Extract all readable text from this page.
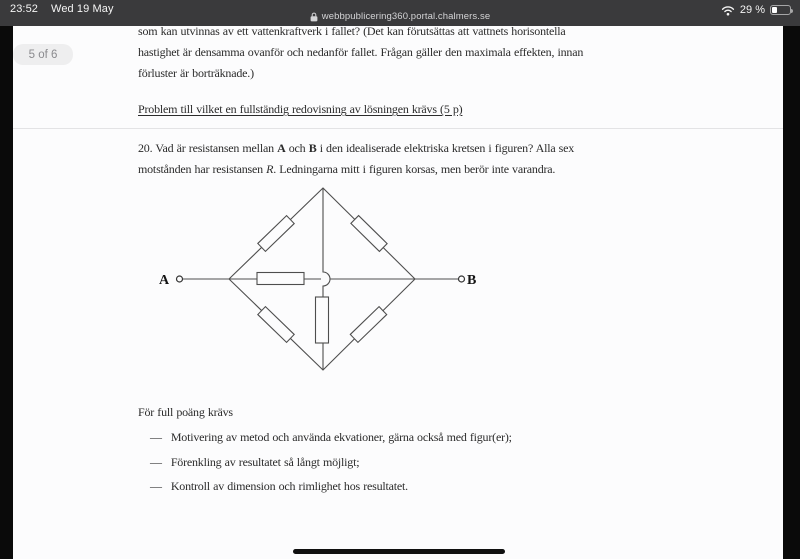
23:52 Wed 19 May
webbpublicering360.portal.chalmers.se
29 %
5 of 6
som kan utvinnas av ett vattenkraftverk i fallet? (Det kan förutsättas att vattnets horisontella
hastighet är densamma ovanför och nedanför fallet. Frågan gäller den maximala effekten, innan
förluster är borträknade.)
Problem till vilket en fullständig redovisning av lösningen krävs (5 p)
20. Vad är resistansen mellan A och B i den idealiserade elektriska kretsen i figuren? Alla sex
motstånden har resistansen R. Ledningarna mitt i figuren korsas, men berör inte varandra.
A	B
För full poäng krävs
— Motivering av metod och använda ekvationer, gärna också med figur(er);
— Förenkling av resultatet så långt möjligt;
— Kontroll av dimension och rimlighet hos resultatet.
